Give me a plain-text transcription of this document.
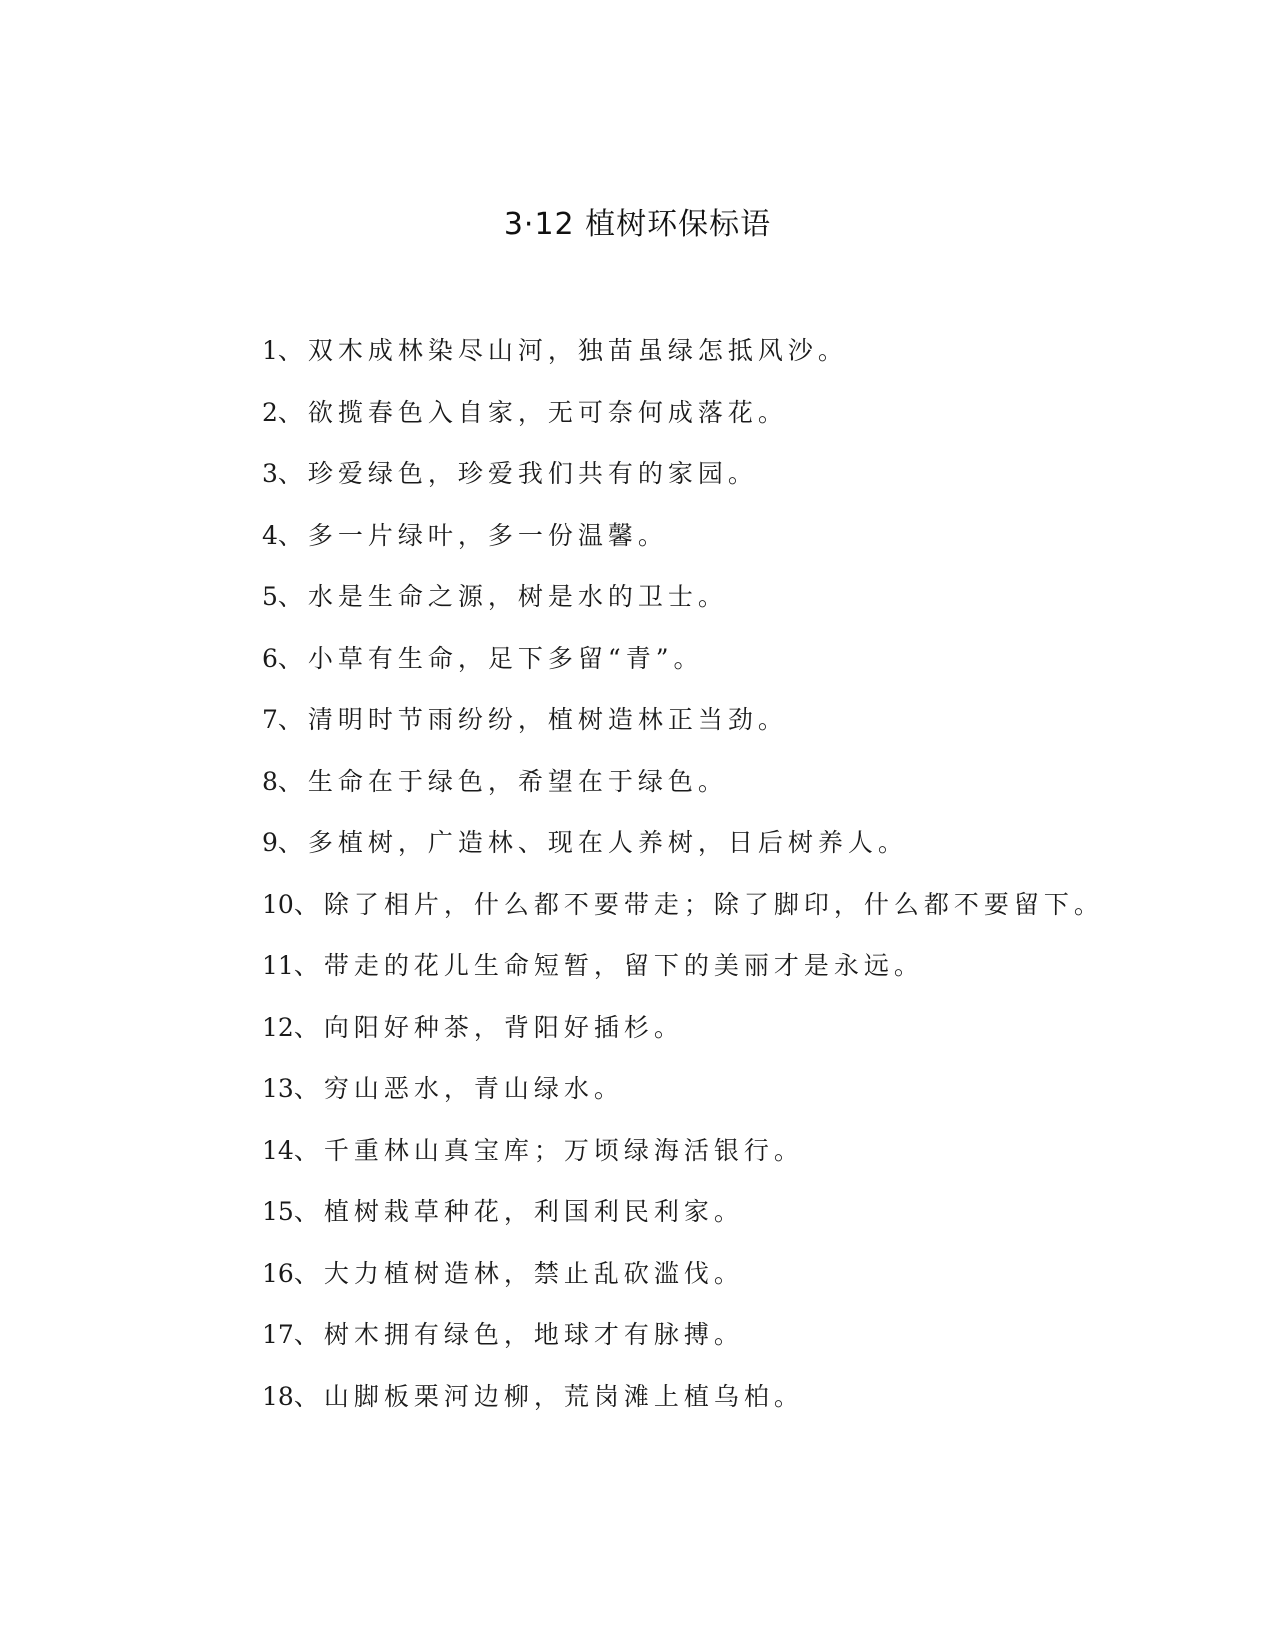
3·12 植树环保标语
1、双木成林染尽山河，独苗虽绿怎抵风沙。
2、欲揽春色入自家，无可奈何成落花。
3、珍爱绿色，珍爱我们共有的家园。
4、多一片绿叶，多一份温馨。
5、水是生命之源，树是水的卫士。
6、小草有生命，足下多留“青”。
7、清明时节雨纷纷，植树造林正当劲。
8、生命在于绿色，希望在于绿色。
9、多植树，广造林、现在人养树，日后树养人。
10、除了相片，什么都不要带走；除了脚印，什么都不要留下。
11、带走的花儿生命短暂，留下的美丽才是永远。
12、向阳好种茶，背阳好插杉。
13、穷山恶水，青山绿水。
14、千重林山真宝库；万顷绿海活银行。
15、植树栽草种花，利国利民利家。
16、大力植树造林，禁止乱砍滥伐。
17、树木拥有绿色，地球才有脉搏。
18、山脚板栗河边柳，荒岗滩上植乌柏。
